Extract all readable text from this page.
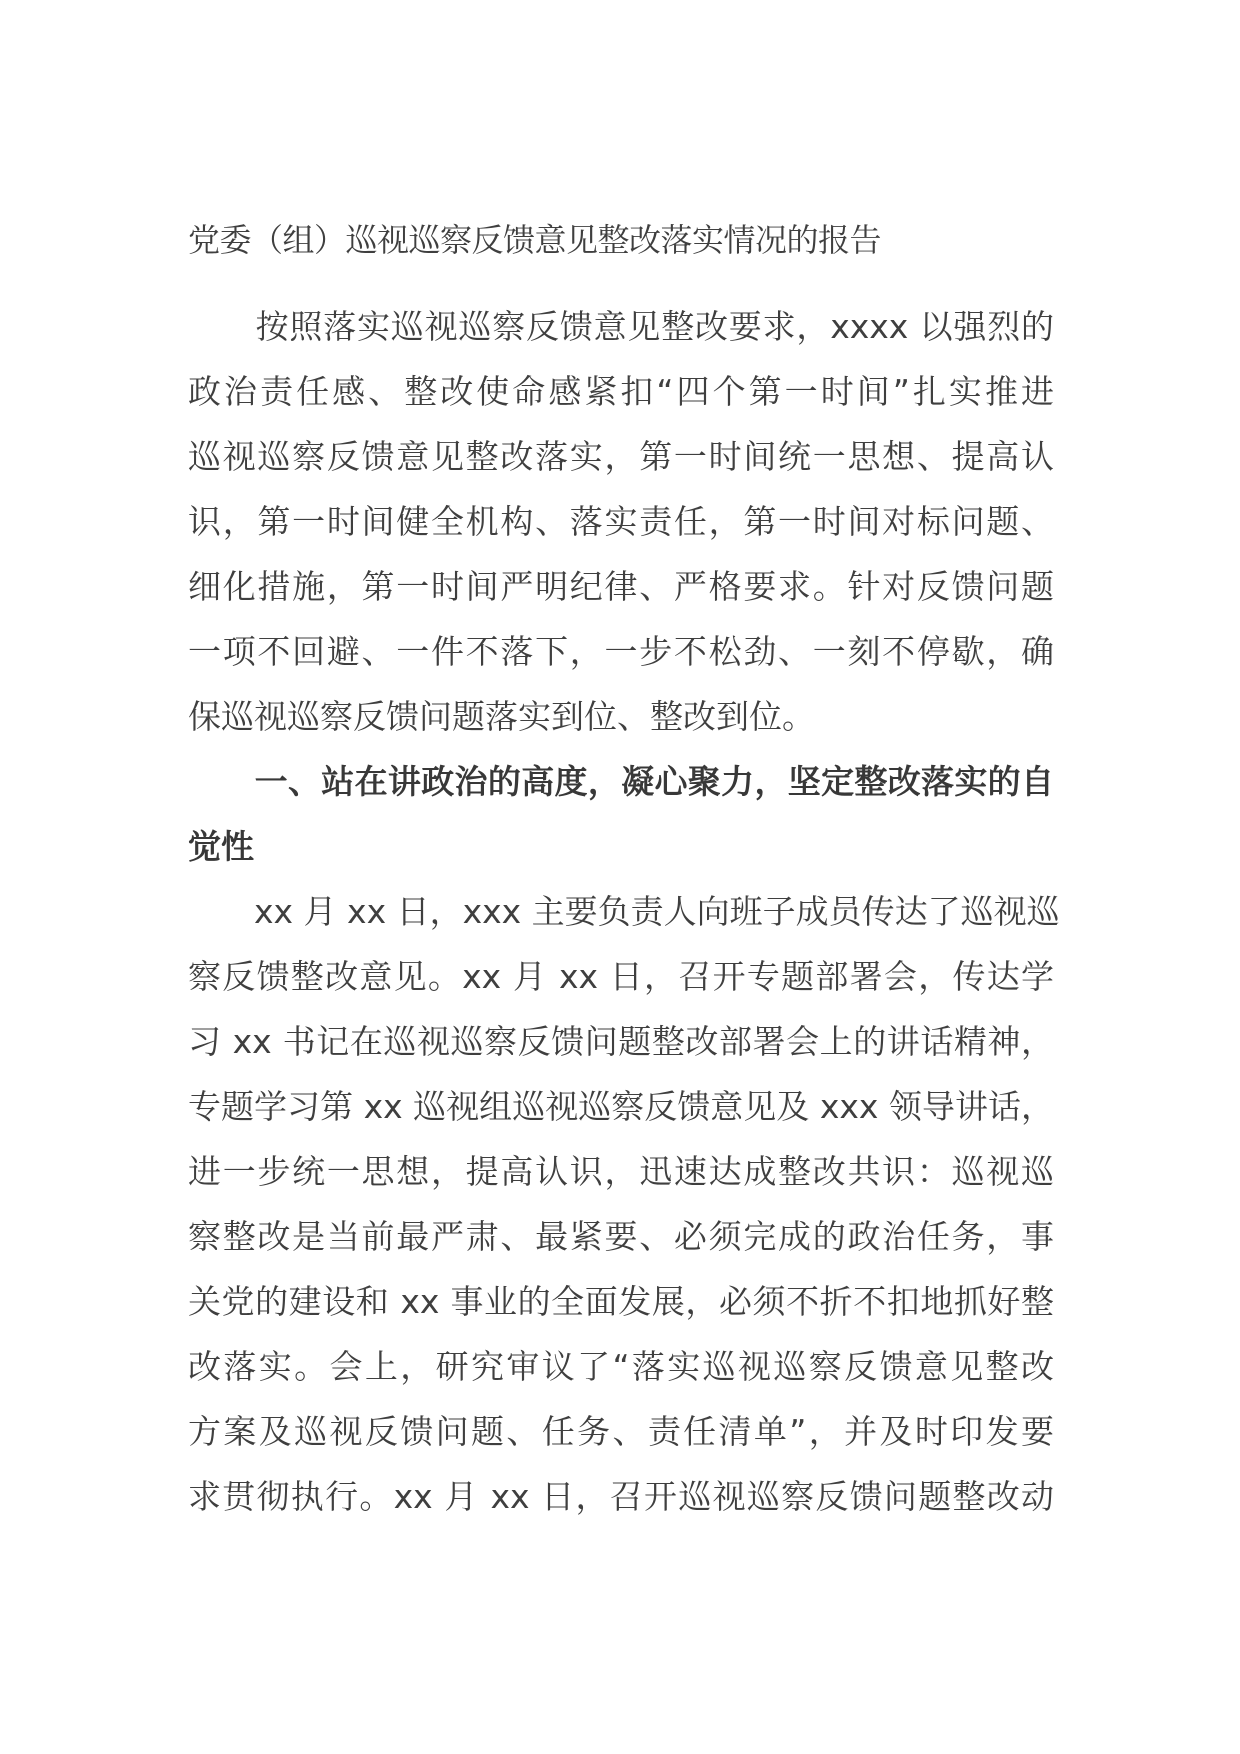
党委（组）巡视巡察反馈意见整改落实情况的报告
　　按照落实巡视巡察反馈意见整改要求，xxxx 以强烈的
政治责任感、整改使命感紧扣“四个第一时间”扎实推进
巡视巡察反馈意见整改落实，第一时间统一思想、提高认
识，第一时间健全机构、落实责任，第一时间对标问题、
细化措施，第一时间严明纪律、严格要求。针对反馈问题
一项不回避、一件不落下，一步不松劲、一刻不停歇，确
保巡视巡察反馈问题落实到位、整改到位。
　　一、站在讲政治的高度，凝心聚力，坚定整改落实的自
觉性
　　xx 月 xx 日，xxx 主要负责人向班子成员传达了巡视巡
察反馈整改意见。xx 月 xx 日，召开专题部署会，传达学
习 xx 书记在巡视巡察反馈问题整改部署会上的讲话精神，
专题学习第 xx 巡视组巡视巡察反馈意见及 xxx 领导讲话，
进一步统一思想，提高认识，迅速达成整改共识：巡视巡
察整改是当前最严肃、最紧要、必须完成的政治任务，事
关党的建设和 xx 事业的全面发展，必须不折不扣地抓好整
改落实。会上，研究审议了“落实巡视巡察反馈意见整改
方案及巡视反馈问题、任务、责任清单”，并及时印发要
求贯彻执行。xx 月 xx 日，召开巡视巡察反馈问题整改动
